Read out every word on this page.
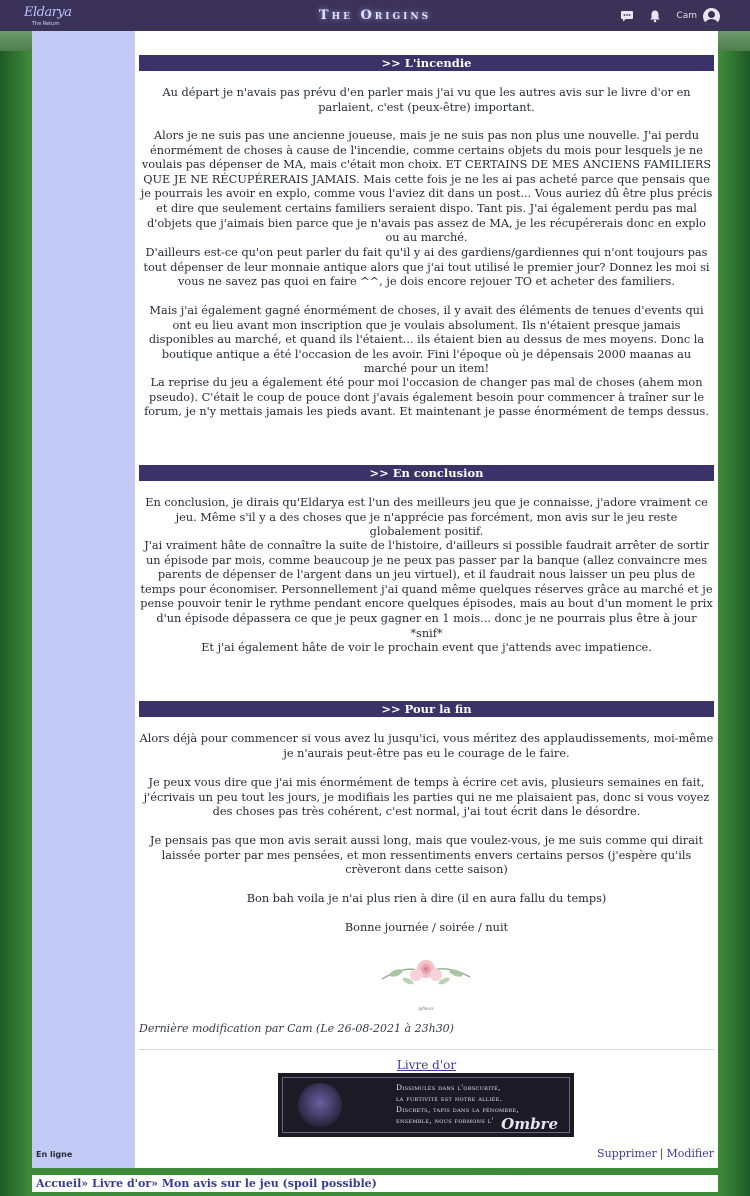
Eldarya
The Return
The Origins	Cam
En ligne
>> L'incendie

Au départ je n'avais pas prévu d'en parler mais j'ai vu que les autres avis sur le livre d'or en parlaient, c'est (peux-être) important.

Alors je ne suis pas une ancienne joueuse, mais je ne suis pas non plus une nouvelle. J'ai perdu énormément de choses à cause de l'incendie, comme certains objets du mois pour lesquels je ne voulais pas dépenser de MA, mais c'était mon choix. ET CERTAINS DE MES ANCIENS FAMILIERS QUE JE NE RÉCUPÉRERAIS JAMAIS. Mais cette fois je ne les ai pas acheté parce que pensais que je pourrais les avoir en explo, comme vous l'aviez dit dans un post... Vous auriez dû être plus précis et dire que seulement certains familiers seraient dispo. Tant pis. J'ai également perdu pas mal d'objets que j'aimais bien parce que je n'avais pas assez de MA, je les récupérerais donc en explo ou au marché.

D'ailleurs est-ce qu'on peut parler du fait qu'il y ai des gardiens/gardiennes qui n'ont toujours pas tout dépenser de leur monnaie antique alors que j'ai tout utilisé le premier jour? Donnez les moi si vous ne savez pas quoi en faire ^^, je dois encore rejouer TO et acheter des familiers.

Mais j'ai également gagné énormément de choses, il y avait des éléments de tenues d'events qui ont eu lieu avant mon inscription que je voulais absolument. Ils n'étaient presque jamais disponibles au marché, et quand ils l'étaient... ils étaient bien au dessus de mes moyens. Donc la boutique antique a été l'occasion de les avoir. Fini l'époque où je dépensais 2000 maanas au marché pour un item!

La reprise du jeu a également été pour moi l'occasion de changer pas mal de choses (ahem mon pseudo). C'était le coup de pouce dont j'avais également besoin pour commencer à traîner sur le forum, je n'y mettais jamais les pieds avant. Et maintenant je passe énormément de temps dessus.

>> En conclusion

En conclusion, je dirais qu'Eldarya est l'un des meilleurs jeu que je connaisse, j'adore vraiment ce jeu. Même s'il y a des choses que je n'apprécie pas forcément, mon avis sur le jeu reste globalement positif.

J'ai vraiment hâte de connaître la suite de l'histoire, d'ailleurs si possible faudrait arrêter de sortir un épisode par mois, comme beaucoup je ne peux pas passer par la banque (allez convaincre mes parents de dépenser de l'argent dans un jeu virtuel), et il faudrait nous laisser un peu plus de temps pour économiser. Personnellement j'ai quand même quelques réserves grâce au marché et je pense pouvoir tenir le rythme pendant encore quelques épisodes, mais au bout d'un moment le prix d'un épisode dépassera ce que je peux gagner en 1 mois... donc je ne pourrais plus être à jour *snif*

Et j'ai également hâte de voir le prochain event que j'attends avec impatience.

>> Pour la fin

Alors déjà pour commencer si vous avez lu jusqu'ici, vous méritez des applaudissements, moi-même je n'aurais peut-être pas eu le courage de le faire.

Je peux vous dire que j'ai mis énormément de temps à écrire cet avis, plusieurs semaines en fait, j'écrivais un peu tout les jours, je modifiais les parties qui ne me plaisaient pas, donc si vous voyez des choses pas très cohérent, c'est normal, j'ai tout écrit dans le désordre.

Je pensais pas que mon avis serait aussi long, mais que voulez-vous, je me suis comme qui dirait laissée porter par mes pensées, et mon ressentiments envers certains persos (j'espère qu'ils crèveront dans cette saison)

Bon bah voila je n'ai plus rien à dire (il en aura fallu du temps)

Bonne journée / soirée / nuit

@fleurs
Dernière modification par Cam (Le 26-08-2021 à 23h30)
Livre d'or
Dissimulés dans l'obscurité,
la furtivité est notre alliée.
Discrets, tapis dans la pénombre,
ensemble, nous formons l' Ombre
Supprimer | Modifier
Accueil» Livre d'or» Mon avis sur le jeu (spoil possible)
